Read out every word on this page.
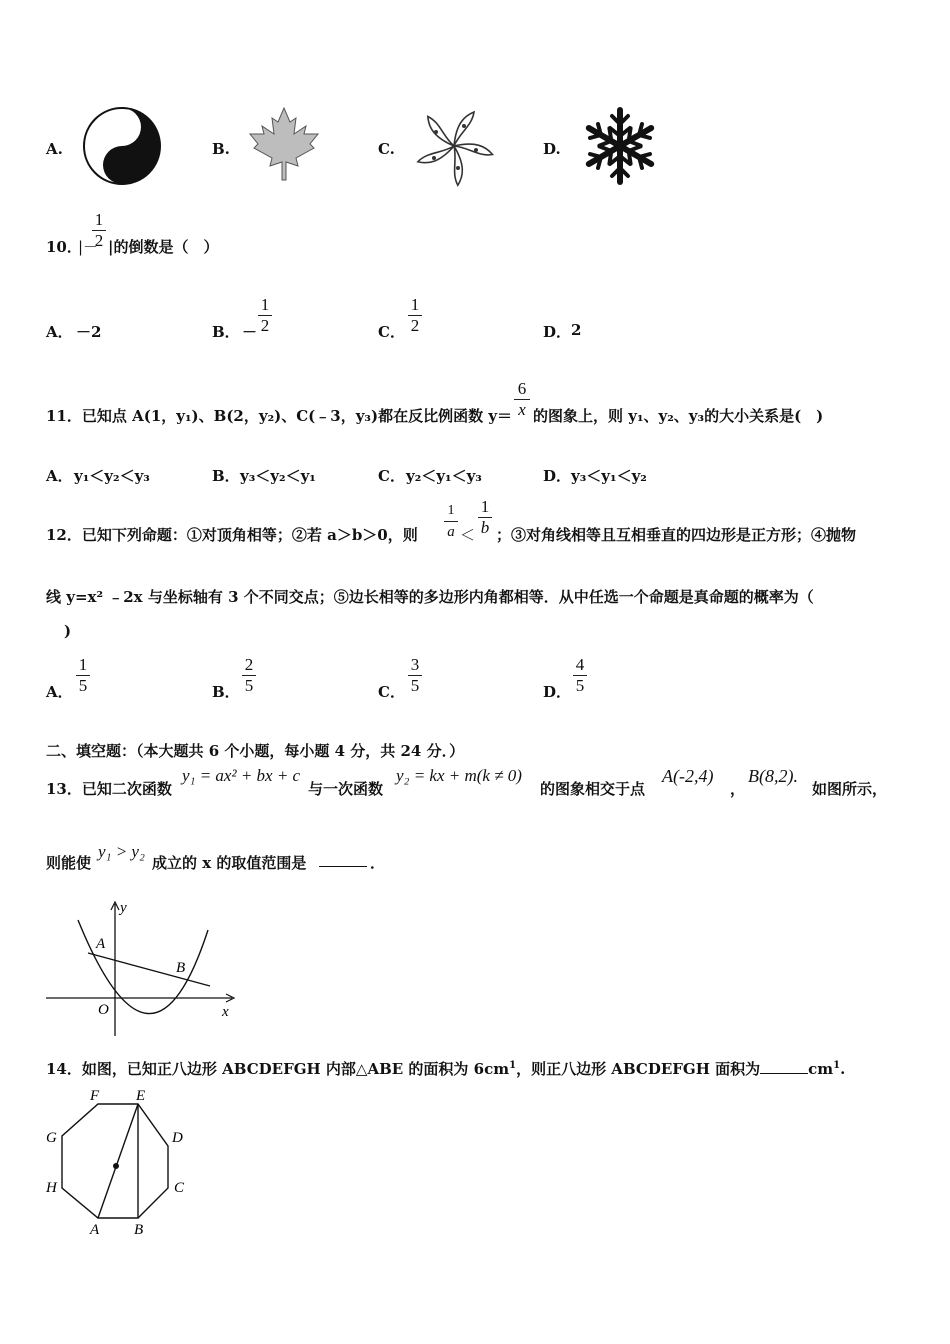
A.	B.	C.	D.
10．
|－
1
2 |的倒数是（　）
A． －2	B． －
1
2	C．
1
2	D． 2
11．已知点 A(1，y₁)、B(2，y₂)、C(﹣3，y₃)都在反比例函数 y＝
6
x 的图象上，则 y₁、y₂、y₃的大小关系是(　)
A． y₁＜y₂＜y₃	B． y₃＜y₂＜y₁	C． y₂＜y₁＜y₃	D． y₃＜y₁＜y₂
12．已知下列命题：①对顶角相等；②若 a＞b＞0，则
1
a ＜
1
b ；③对角线相等且互相垂直的四边形是正方形；④抛物
线 y=x² ﹣2x 与坐标轴有 3 个不同交点；⑤边长相等的多边形内角都相等．从中任选一个命题是真命题的概率为（
)
A．
1
5	B．
2
5	C．
3
5	D．
4
5
二、填空题：（本大题共 6 个小题，每小题 4 分，共 24 分．）
13．已知二次函数
y₁ = ax² + bx + c
与一次函数
y₂ = kx + m(k ≠ 0)
的图象相交于点
A(-2,4)
，
B(8,2).
如图所示，
则能使
y₁ > y₂
成立的 x 的取值范围是	．
y
x
O
A
B
14．如图，已知正八边形 ABCDEFGH 内部△ABE 的面积为 $6cm^1$，则正八边形 ABCDEFGH 面积为	$cm^1$.
A B
C
D
E
F
G
H
